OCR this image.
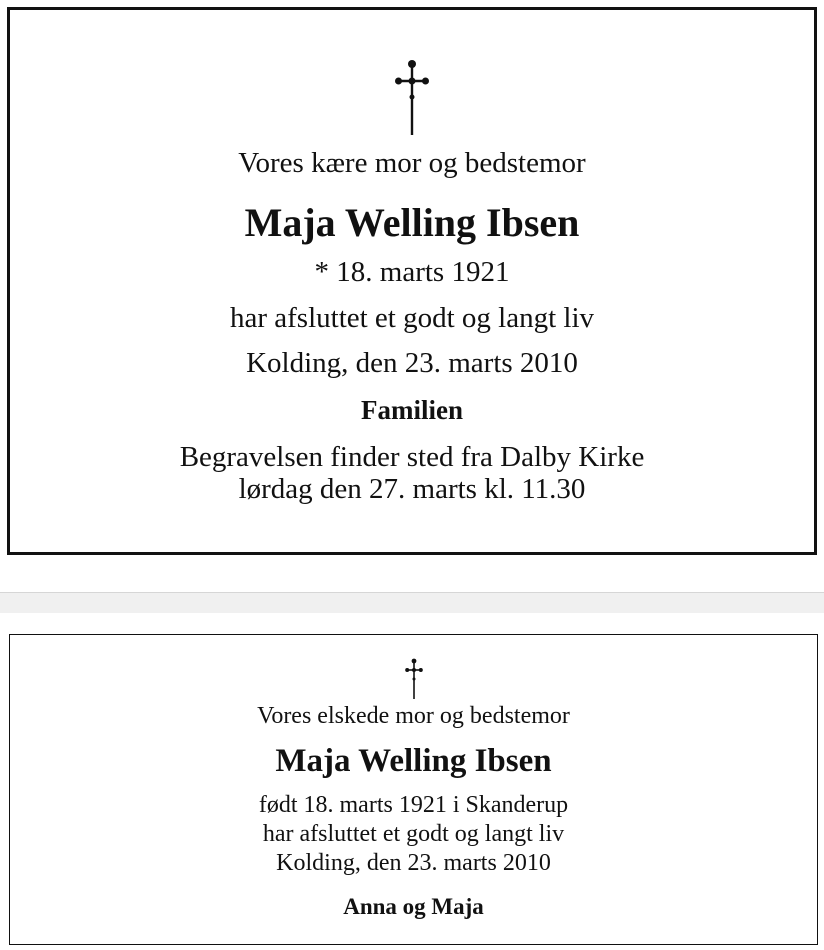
Vores kære mor og bedstemor
Maja Welling Ibsen
* 18. marts 1921
har afsluttet et godt og langt liv
Kolding, den 23. marts 2010
Familien
Begravelsen finder sted fra Dalby Kirke
lørdag den 27. marts kl. 11.30
Vores elskede mor og bedstemor
Maja Welling Ibsen
født 18. marts 1921 i Skanderup
har afsluttet et godt og langt liv
Kolding, den 23. marts 2010
Anna og Maja
